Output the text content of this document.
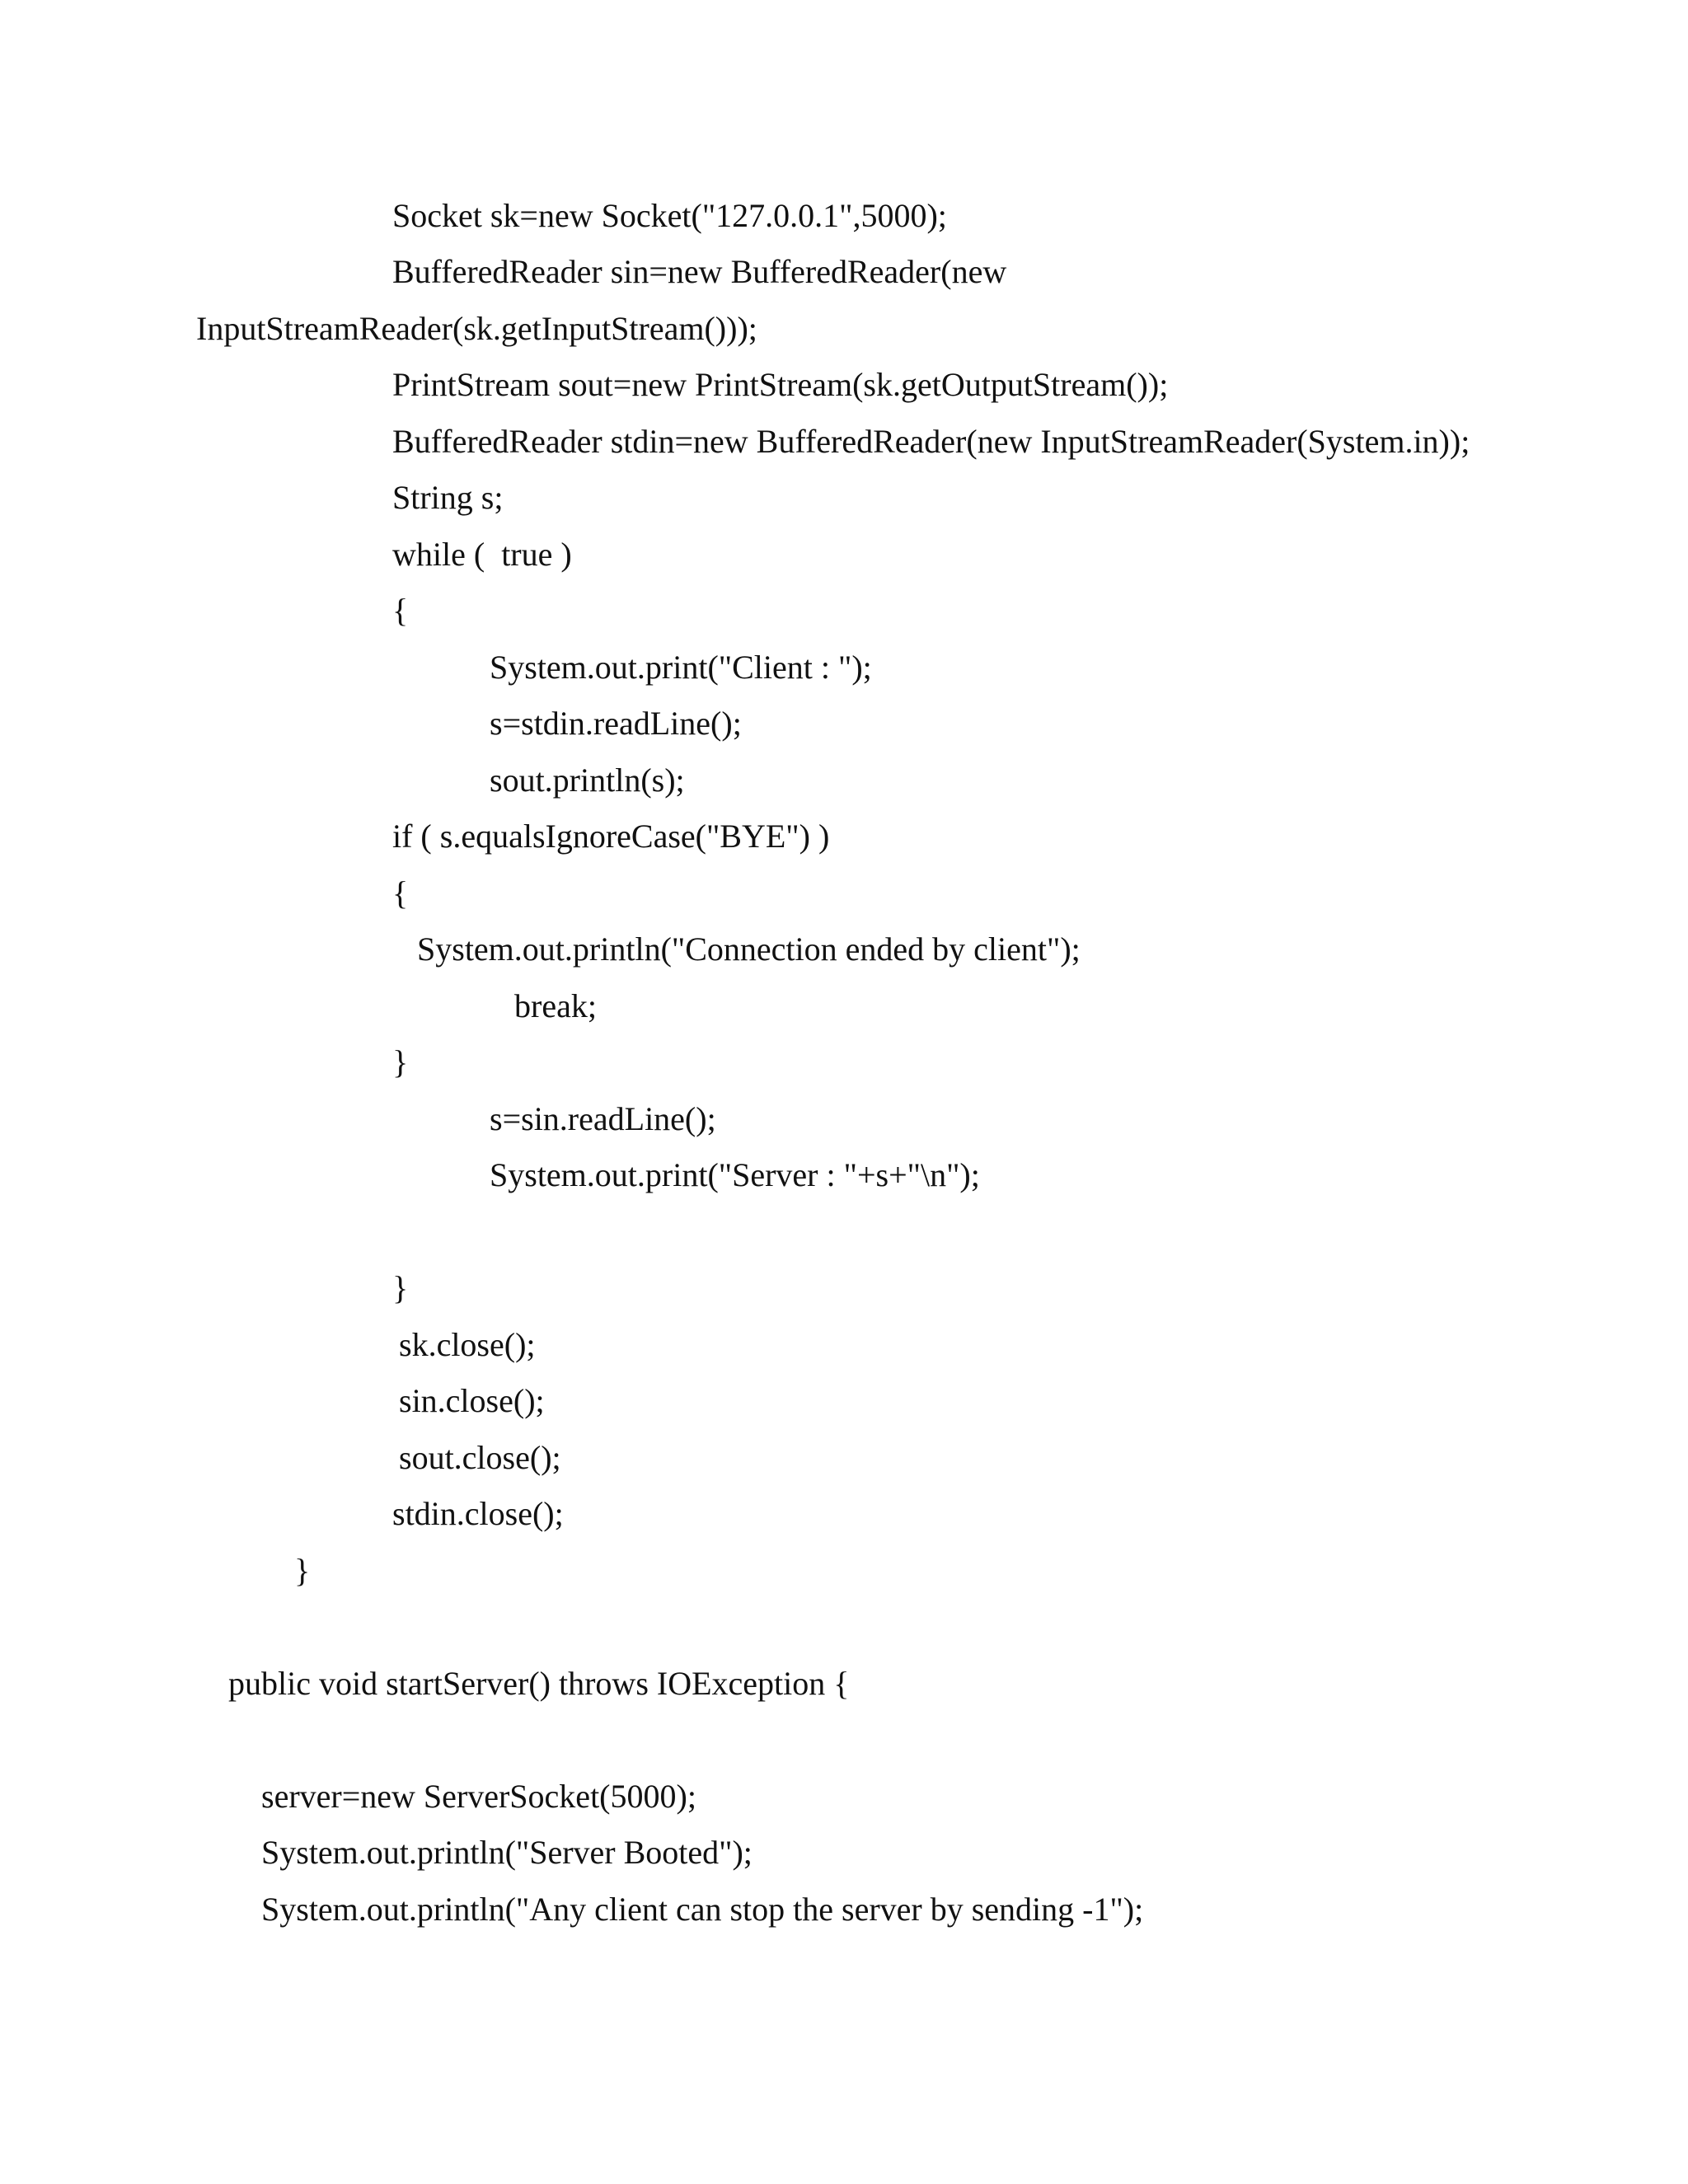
Socket sk=new Socket("127.0.0.1",5000);
BufferedReader sin=new BufferedReader(new
InputStreamReader(sk.getInputStream()));
PrintStream sout=new PrintStream(sk.getOutputStream());
BufferedReader stdin=new BufferedReader(new InputStreamReader(System.in));
String s;
while (  true )
{
System.out.print("Client : ");
s=stdin.readLine();
sout.println(s);
if ( s.equalsIgnoreCase("BYE") )
{
System.out.println("Connection ended by client");
break;
}
s=sin.readLine();
System.out.print("Server : "+s+"\n");
}
sk.close();
sin.close();
sout.close();
stdin.close();
}
public void startServer() throws IOException {
server=new ServerSocket(5000);
System.out.println("Server Booted");
System.out.println("Any client can stop the server by sending -1");
